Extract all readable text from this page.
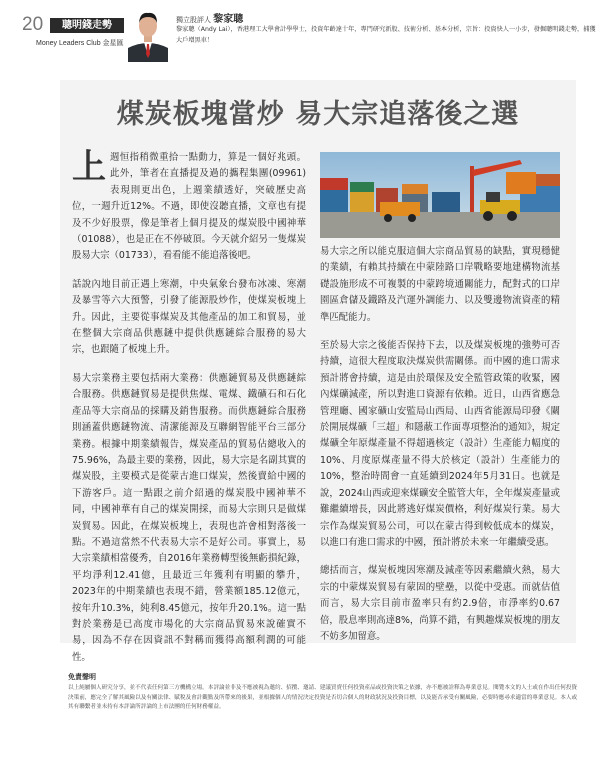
20	聰明錢走勢
Money Leaders Club 金星匯
獨立股評人 黎家聰
黎家聰（Andy Lai），香港理工大學會計學學士，投資年齡達十年，專門研究新股、技術分析、基本分析，宗旨：投資快人一小步，發掘聰明錢走勢，捕獲大戶增黑車！
煤炭板塊當炒 易大宗追落後之選

上週恒指稍微重拾一點動力，算是一個好兆頭。此外，筆者在直播提及過的攜程集團(09961)表現則更出色，上週業績透好，突破歷史高位，一週升近12%。不過，即使沒聽直播，文章也有提及不少好股票，像是筆者上個月提及的煤炭股中國神華（01088），也是正在不停破頂。今天就介紹另一隻煤炭股易大宗（01733），看看能不能追落後吧。

話說內地目前正遇上寒潮，中央氣象台發布冰凍、寒潮及暴雪等六大預警，引發了能源股炒作，使煤炭板塊上升。因此，主要從事煤炭及其他產品的加工和貿易，並在整個大宗商品供應鏈中提供供應鏈綜合服務的易大宗，也跟隨了板塊上升。

易大宗業務主要包括兩大業務：供應鏈貿易及供應鏈綜合服務。供應鏈貿易是提供焦煤、電煤、鐵礦石和石化產品等大宗商品的採購及銷售服務。而供應鏈綜合服務則涵蓋供應鏈物流、清潔能源及互聯網智能平台三部分業務。根據中期業績報告，煤炭產品的貿易佔總收入的75.96%，為最主要的業務，因此，易大宗是名副其實的煤炭股，主要模式是從蒙古進口煤炭，然後賣給中國的下游客戶。這一點跟之前介紹過的煤炭股中國神華不同，中國神華有自己的煤炭開採，而易大宗則只是做煤炭貿易。因此，在煤炭板塊上，表現也許會相對落後一點。不過這當然不代表易大宗不是好公司。事實上，易大宗業績相當優秀，自2016年業務轉型後無虧損紀錄，平均淨利12.41億，且最近三年獲利有明顯的攀升，2023年的中期業績也表現不錯，營業額185.12億元，按年升10.3%，純利8.45億元，按年升20.1%。這一點對於業務是已高度市場化的大宗商品貿易來說確實不易，因為不存在因資訊不對稱而獲得高額利潤的可能性。

易大宗之所以能克服這個大宗商品貿易的缺點，實現穩健的業績，有賴其持續在中蒙陸路口岸戰略要地建構物流基礎設施形成不可複製的中蒙跨境通關能力，配對式的口岸園區倉儲及鐵路及汽運外調能力、以及雙邊物流資產的精準匹配能力。

至於易大宗之後能否保持下去，以及煤炭板塊的強勢可否持續，這很大程度取決煤炭供需關係。而中國的進口需求預計將會持續，這是由於環保及安全監管政策的收緊，國內煤礦減產，所以對進口資源有依賴。近日，山西省應急管理廳、國家礦山安監局山西局、山西省能源局印發《關於開展煤礦「三超」和隱蔽工作面專項整治的通知》，規定煤礦全年原煤產量不得超過核定（設計）生產能力幅度的10%、月度原煤產量不得大於核定（設計）生產能力的10%，整治時間會一直延續到2024年5月31日。也就是說，2024山西或迎來煤礦安全監管大年，全年煤炭產量或難繼續增長，因此將逃好煤炭價格，利好煤炭行業。易大宗作為煤炭貿易公司，可以在蒙古得到較低成本的煤炭，以進口有進口需求的中國，預計將於未來一年繼續受惠。

總括而言，煤炭板塊因寒潮及減產等因素繼續火熱，易大宗的中蒙煤炭貿易有蒙固的壁壘，以從中受惠。而就估值而言，易大宗目前市盈率只有約2.9倍，市淨率約0.67倍，股息率則高達8%，尚算不錯，有興趣煤炭板塊的朋友不妨多加留意。

免責聲明
以上純屬個人研究分享，並不代表任何第三方機構立場。本評論並非及不應被視為邀約、招攬、邀請、建議買賣任何投資產品或投資決策之依據，亦不應被詮釋為專業意見。閱覽本文的人士或在作出任何投資決策前，應完全了解其風險以及有關法律、賦稅及會計觀點及所帶來的後果，並根據個人的情況決定投資是否切合個人的財政狀況及投資目標，以及能否承受有關風險，必要時應尋求適當的專業意見。本人或其有聯繫者並未持有本評論所評論的上市法團的任何財務權益。
